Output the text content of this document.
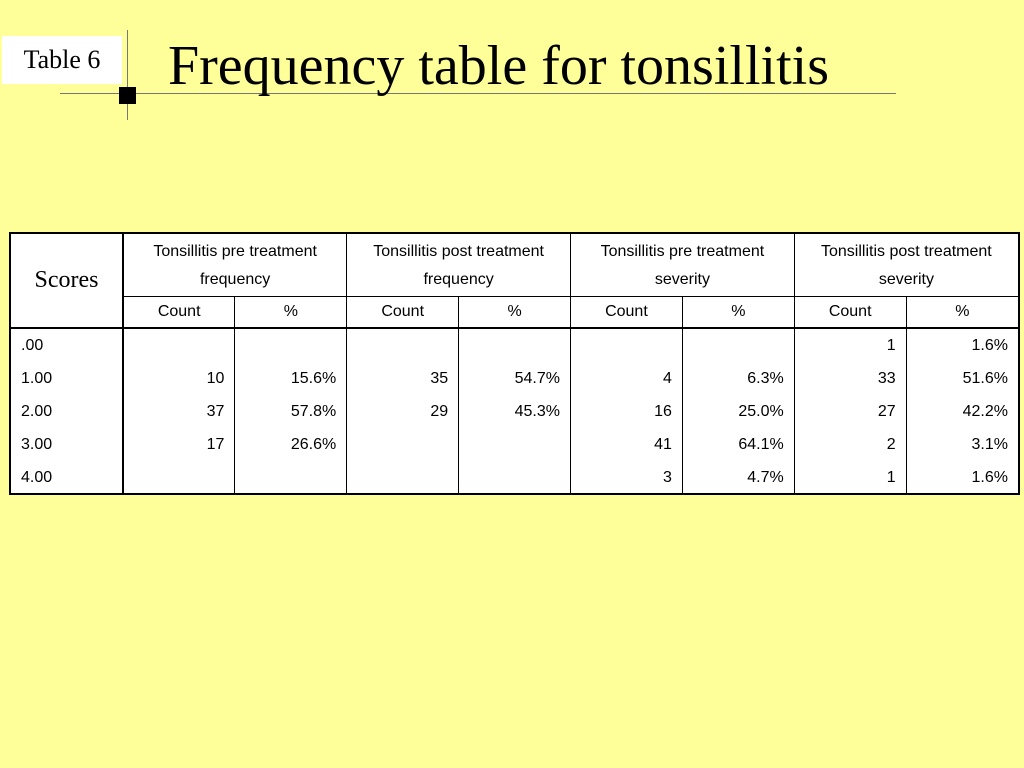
Table 6	Frequency table for tonsillitis
Scores	Tonsillitis pre treatment frequency		Tonsillitis post treatment frequency		Tonsillitis pre treatment severity		Tonsillitis post treatment severity	
	Count	%	Count	%	Count	%	Count	%
.00							1	1.6%
1.00	10	15.6%	35	54.7%	4	6.3%	33	51.6%
2.00	37	57.8%	29	45.3%	16	25.0%	27	42.2%
3.00	17	26.6%			41	64.1%	2	3.1%
4.00					3	4.7%	1	1.6%
